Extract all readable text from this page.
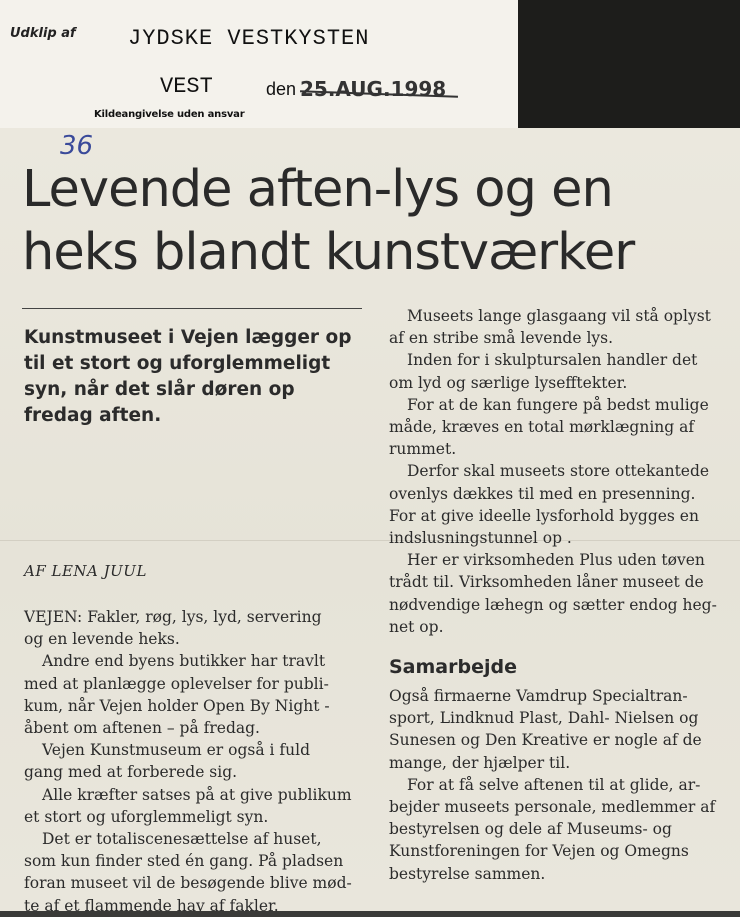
Udklip af JYDSKE VESTKYSTEN
VEST	den 25.AUG.1998
Kildeangivelse uden ansvar
36
Levende aften-lys og en
heks blandt kunstværker

Kunstmuseet i Vejen lægger op
til et stort og uforglemmeligt
syn, når det slår døren op
fredag aften.

AF LENA JUUL
VEJEN: Fakler, røg, lys, lyd, servering
og en levende heks.
Andre end byens butikker har travlt
med at planlægge oplevelser for publi-
kum, når Vejen holder Open By Night -
åbent om aftenen – på fredag.
Vejen Kunstmuseum er også i fuld
gang med at forberede sig.
Alle kræfter satses på at give publikum
et stort og uforglemmeligt syn.
Det er totaliscenesættelse af huset,
som kun finder sted én gang. På pladsen
foran museet vil de besøgende blive mød-
te af et flammende hav af fakler.
Museets lange glasgaang vil stå oplyst
af en stribe små levende lys.
Inden for i skulptursalen handler det
om lyd og særlige lysefftekter.
For at de kan fungere på bedst mulige
måde, kræves en total mørklægning af
rummet.
Derfor skal museets store ottekantede
ovenlys dækkes til med en presenning.
For at give ideelle lysforhold bygges en
indslusningstunnel op .
Her er virksomheden Plus uden tøven
trådt til. Virksomheden låner museet de
nødvendige læhegn og sætter endog heg-
net op.
Samarbejde
Også firmaerne Vamdrup Specialtran-
sport, Lindknud Plast, Dahl- Nielsen og
Sunesen og Den Kreative er nogle af de
mange, der hjælper til.
For at få selve aftenen til at glide, ar-
bejder museets personale, medlemmer af
bestyrelsen og dele af Museums- og
Kunstforeningen for Vejen og Omegns
bestyrelse sammen.
